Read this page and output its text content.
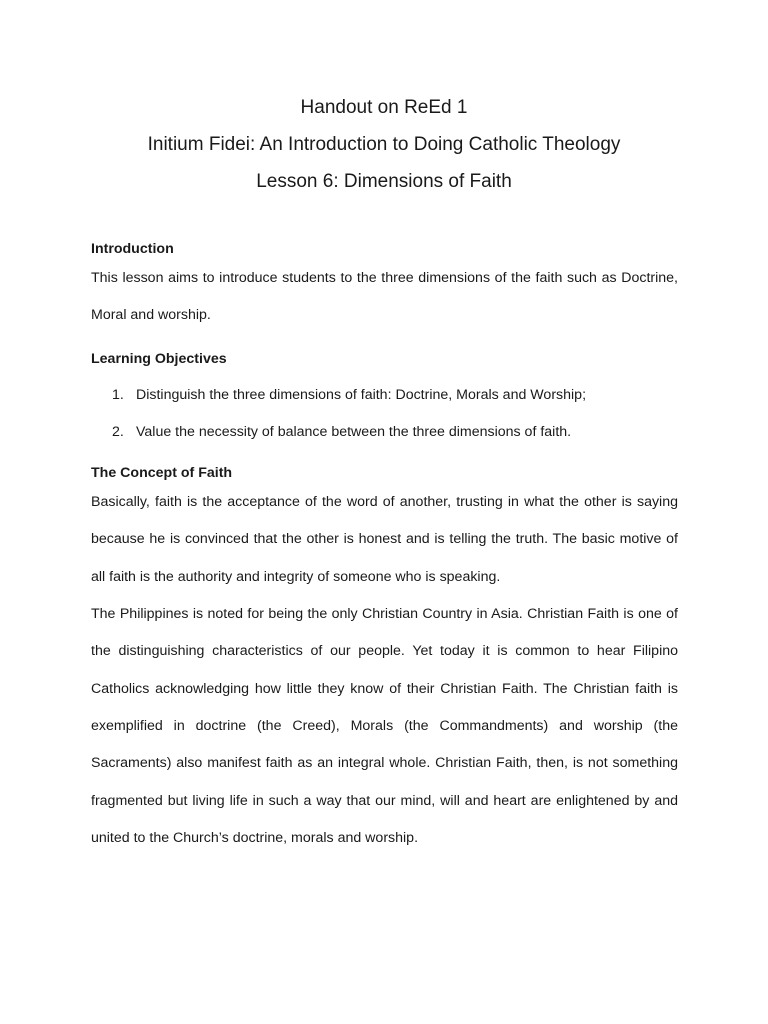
Handout on ReEd 1
Initium Fidei: An Introduction to Doing Catholic Theology
Lesson 6: Dimensions of Faith

Introduction

This lesson aims to introduce students to the three dimensions of the faith such as Doctrine, Moral and worship.

Learning Objectives

1. Distinguish the three dimensions of faith: Doctrine, Morals and Worship;
2. Value the necessity of balance between the three dimensions of faith.

The Concept of Faith

Basically, faith is the acceptance of the word of another, trusting in what the other is saying because he is convinced that the other is honest and is telling the truth. The basic motive of all faith is the authority and integrity of someone who is speaking.

The Philippines is noted for being the only Christian Country in Asia. Christian Faith is one of the distinguishing characteristics of our people. Yet today it is common to hear Filipino Catholics acknowledging how little they know of their Christian Faith. The Christian faith is exemplified in doctrine (the Creed), Morals (the Commandments) and worship (the Sacraments) also manifest faith as an integral whole. Christian Faith, then, is not something fragmented but living life in such a way that our mind, will and heart are enlightened by and united to the Church’s doctrine, morals and worship.
